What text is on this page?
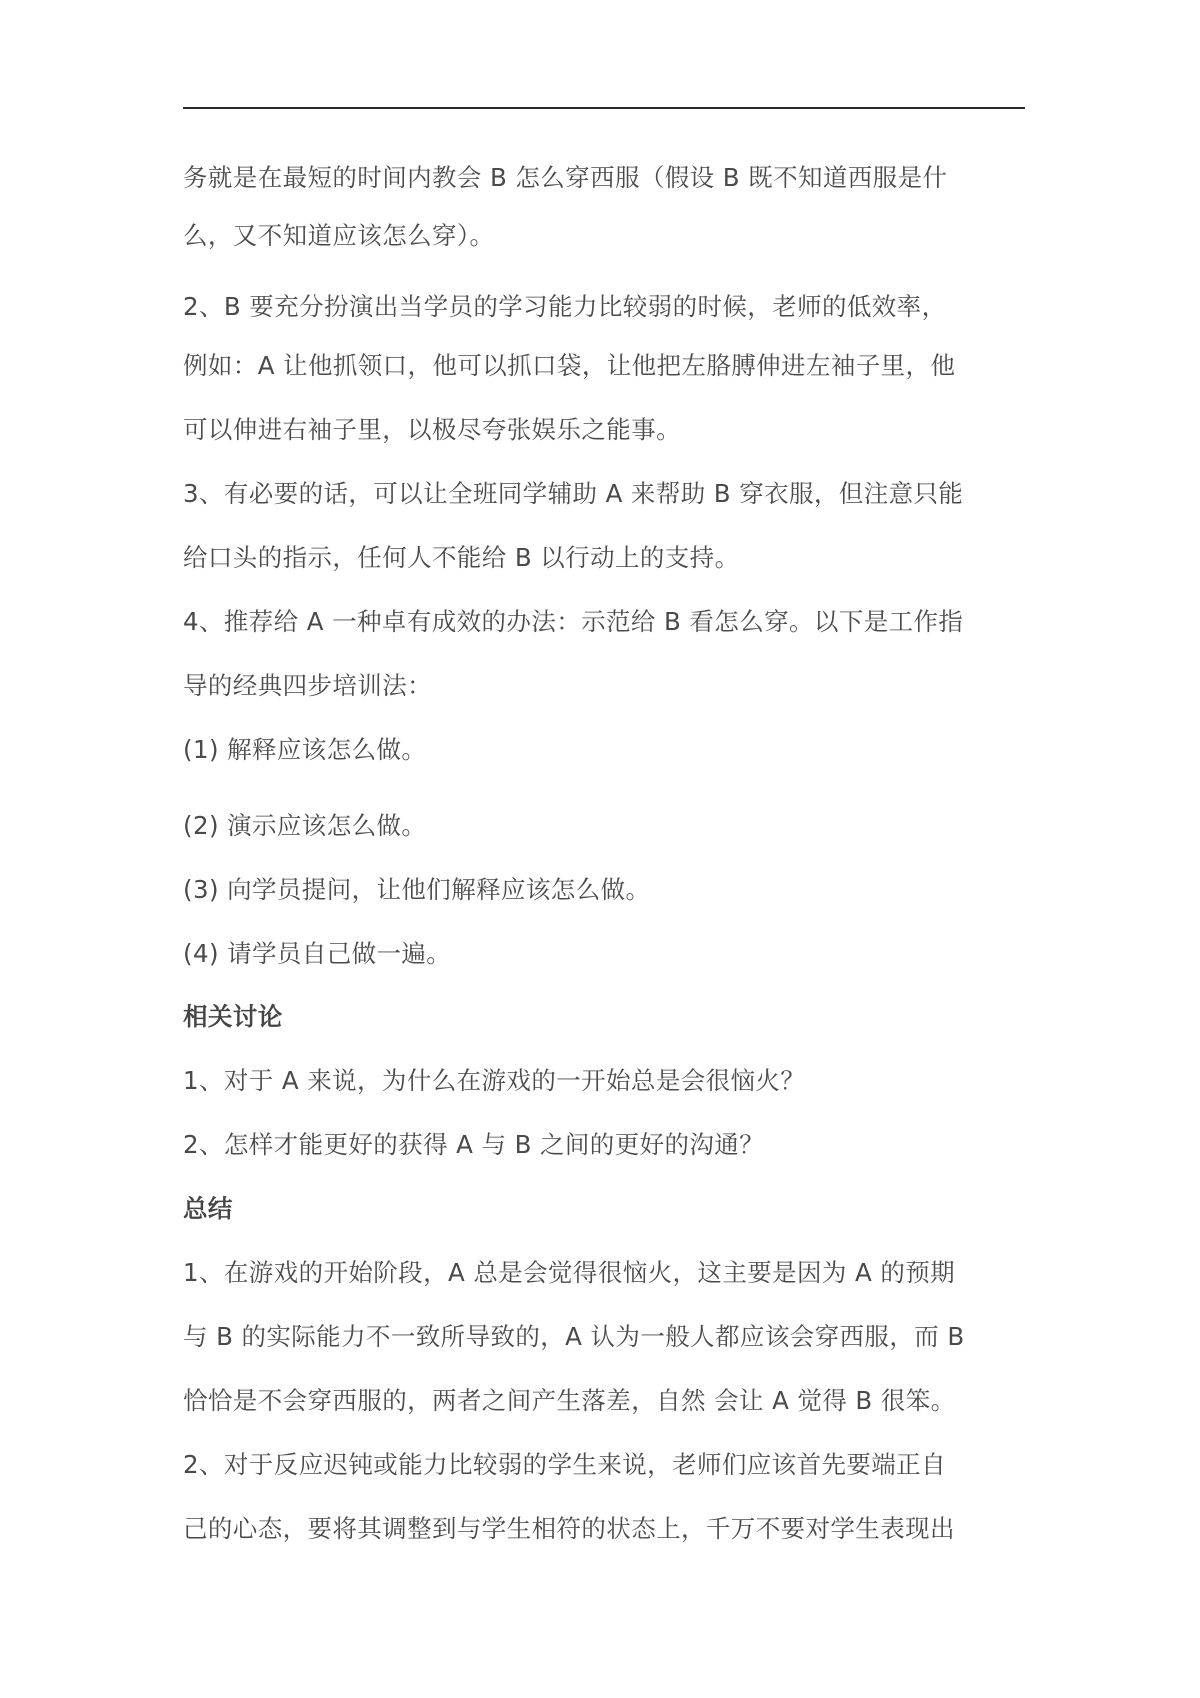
务就是在最短的时间内教会 B 怎么穿西服（假设 B 既不知道西服是什
么，又不知道应该怎么穿）。
2、B 要充分扮演出当学员的学习能力比较弱的时候，老师的低效率，
例如：A 让他抓领口，他可以抓口袋，让他把左胳膊伸进左袖子里，他
可以伸进右袖子里，以极尽夸张娱乐之能事。
3、有必要的话，可以让全班同学辅助 A 来帮助 B 穿衣服，但注意只能
给口头的指示，任何人不能给 B 以行动上的支持。
4、推荐给 A 一种卓有成效的办法：示范给 B 看怎么穿。以下是工作指
导的经典四步培训法：
(1) 解释应该怎么做。
(2) 演示应该怎么做。
(3) 向学员提问，让他们解释应该怎么做。
(4) 请学员自己做一遍。
相关讨论
1、对于 A 来说，为什么在游戏的一开始总是会很恼火？
2、怎样才能更好的获得 A 与 B 之间的更好的沟通？
总结
1、在游戏的开始阶段，A 总是会觉得很恼火，这主要是因为 A 的预期
与 B 的实际能力不一致所导致的，A 认为一般人都应该会穿西服，而 B
恰恰是不会穿西服的，两者之间产生落差，自然 会让 A 觉得 B 很笨。
2、对于反应迟钝或能力比较弱的学生来说，老师们应该首先要端正自
己的心态，要将其调整到与学生相符的状态上，千万不要对学生表现出
